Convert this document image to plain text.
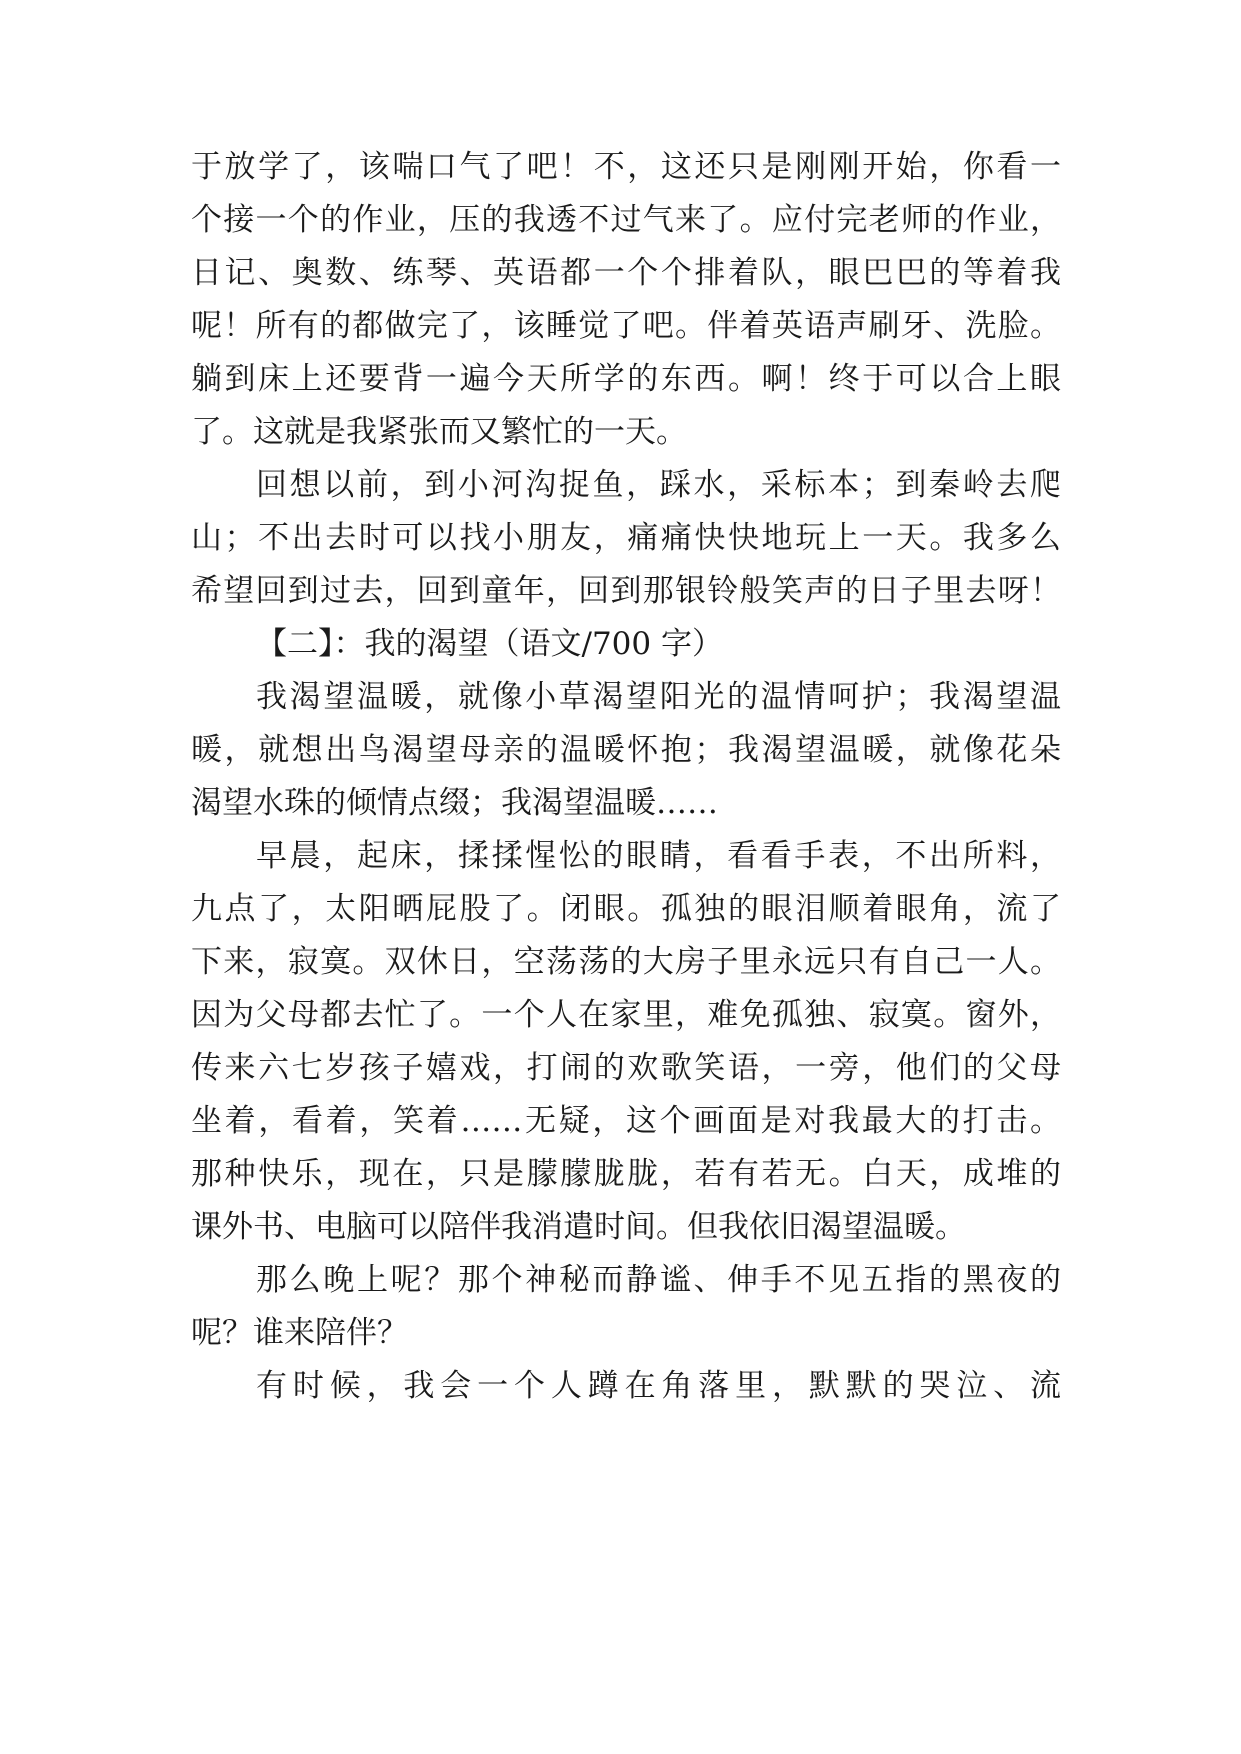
于放学了，该喘口气了吧！不，这还只是刚刚开始，你看一
个接一个的作业，压的我透不过气来了。应付完老师的作业，
日记、奥数、练琴、英语都一个个排着队，眼巴巴的等着我
呢！所有的都做完了，该睡觉了吧。伴着英语声刷牙、洗脸。
躺到床上还要背一遍今天所学的东西。啊！终于可以合上眼
了。这就是我紧张而又繁忙的一天。
回想以前，到小河沟捉鱼，踩水，采标本；到秦岭去爬
山；不出去时可以找小朋友，痛痛快快地玩上一天。我多么
希望回到过去，回到童年，回到那银铃般笑声的日子里去呀！
【二】：我的渴望（语文/700 字）
我渴望温暖，就像小草渴望阳光的温情呵护；我渴望温
暖，就想出鸟渴望母亲的温暖怀抱；我渴望温暖，就像花朵
渴望水珠的倾情点缀；我渴望温暖……
早晨，起床，揉揉惺忪的眼睛，看看手表，不出所料，
九点了，太阳晒屁股了。闭眼。孤独的眼泪顺着眼角，流了
下来，寂寞。双休日，空荡荡的大房子里永远只有自己一人。
因为父母都去忙了。一个人在家里，难免孤独、寂寞。窗外，
传来六七岁孩子嬉戏，打闹的欢歌笑语，一旁，他们的父母
坐着，看着，笑着……无疑，这个画面是对我最大的打击。
那种快乐，现在，只是朦朦胧胧，若有若无。白天，成堆的
课外书、电脑可以陪伴我消遣时间。但我依旧渴望温暖。
那么晚上呢？那个神秘而静谧、伸手不见五指的黑夜的
呢？谁来陪伴？
有时候，我会一个人蹲在角落里，默默的哭泣、流
